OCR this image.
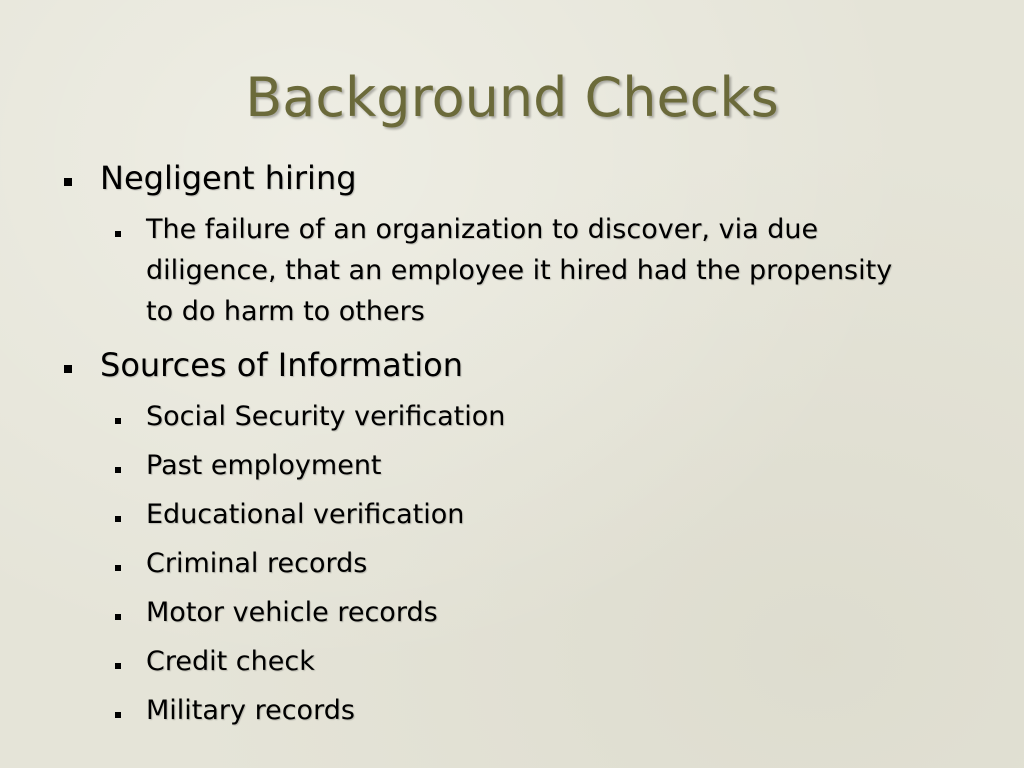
Background Checks
Negligent hiring
The failure of an organization to discover, via due diligence, that an employee it hired had the propensity to do harm to others
Sources of Information
Social Security verification
Past employment
Educational verification
Criminal records
Motor vehicle records
Credit check
Military records
